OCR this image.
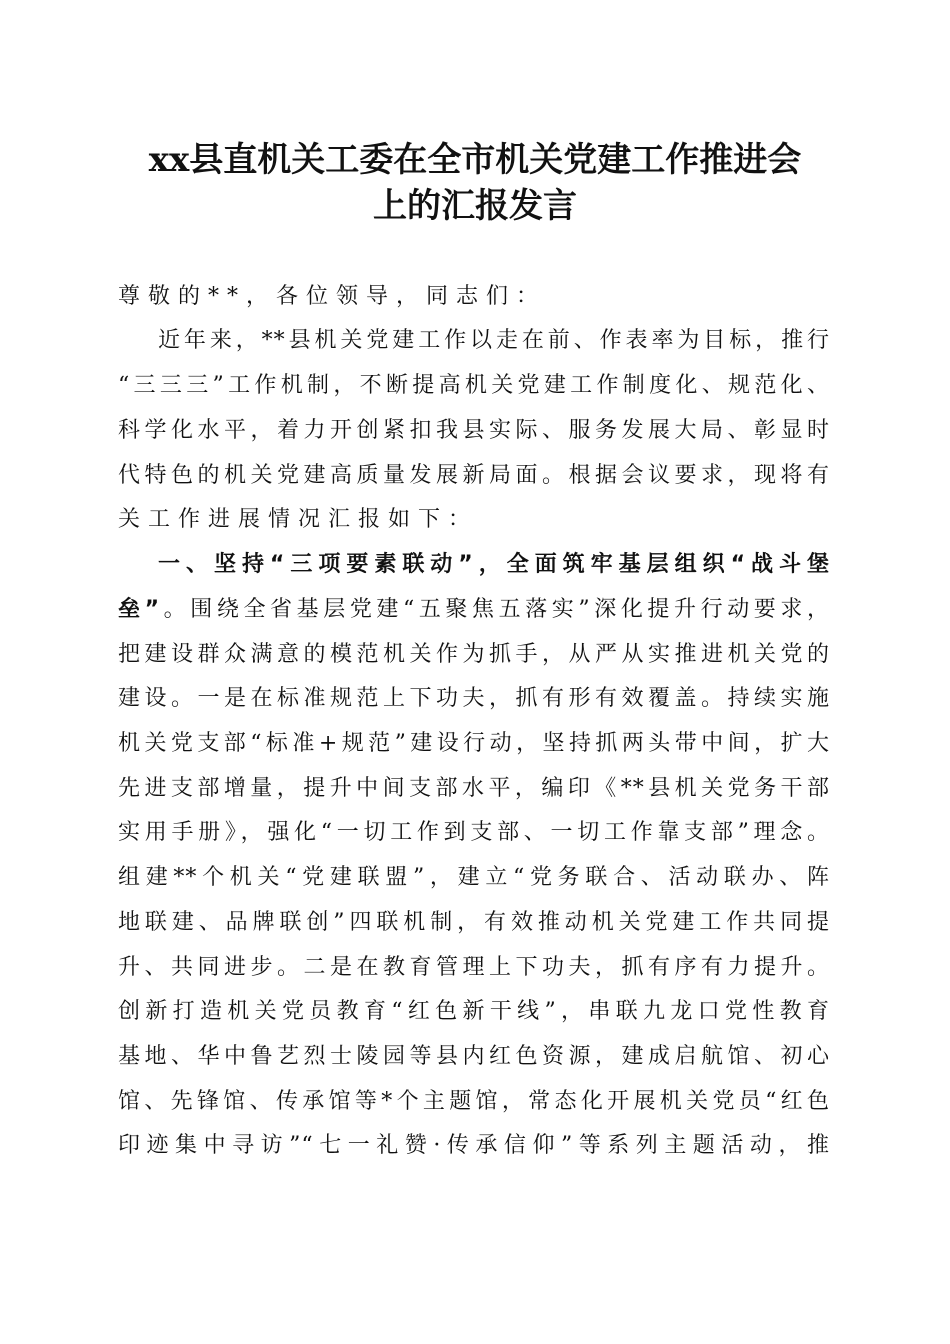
xx县直机关工委在全市机关党建工作推进会
上的汇报发言
尊敬的**，各位领导，同志们：
近年来，**县机关党建工作以走在前、作表率为目标，推行
“三三三”工作机制，不断提高机关党建工作制度化、规范化、
科学化水平，着力开创紧扣我县实际、服务发展大局、彰显时
代特色的机关党建高质量发展新局面。根据会议要求，现将有
关工作进展情况汇报如下：
一、坚持“三项要素联动”，全面筑牢基层组织“战斗堡
垒”。围绕全省基层党建“五聚焦五落实”深化提升行动要求，
把建设群众满意的模范机关作为抓手，从严从实推进机关党的
建设。一是在标准规范上下功夫，抓有形有效覆盖。持续实施
机关党支部“标准+规范”建设行动，坚持抓两头带中间，扩大
先进支部增量，提升中间支部水平，编印《**县机关党务干部
实用手册》，强化“一切工作到支部、一切工作靠支部”理念。
组建**个机关“党建联盟”，建立“党务联合、活动联办、阵
地联建、品牌联创”四联机制，有效推动机关党建工作共同提
升、共同进步。二是在教育管理上下功夫，抓有序有力提升。
创新打造机关党员教育“红色新干线”，串联九龙口党性教育
基地、华中鲁艺烈士陵园等县内红色资源，建成启航馆、初心
馆、先锋馆、传承馆等*个主题馆，常态化开展机关党员“红色
印迹集中寻访”“七一礼赞·传承信仰”等系列主题活动，推
